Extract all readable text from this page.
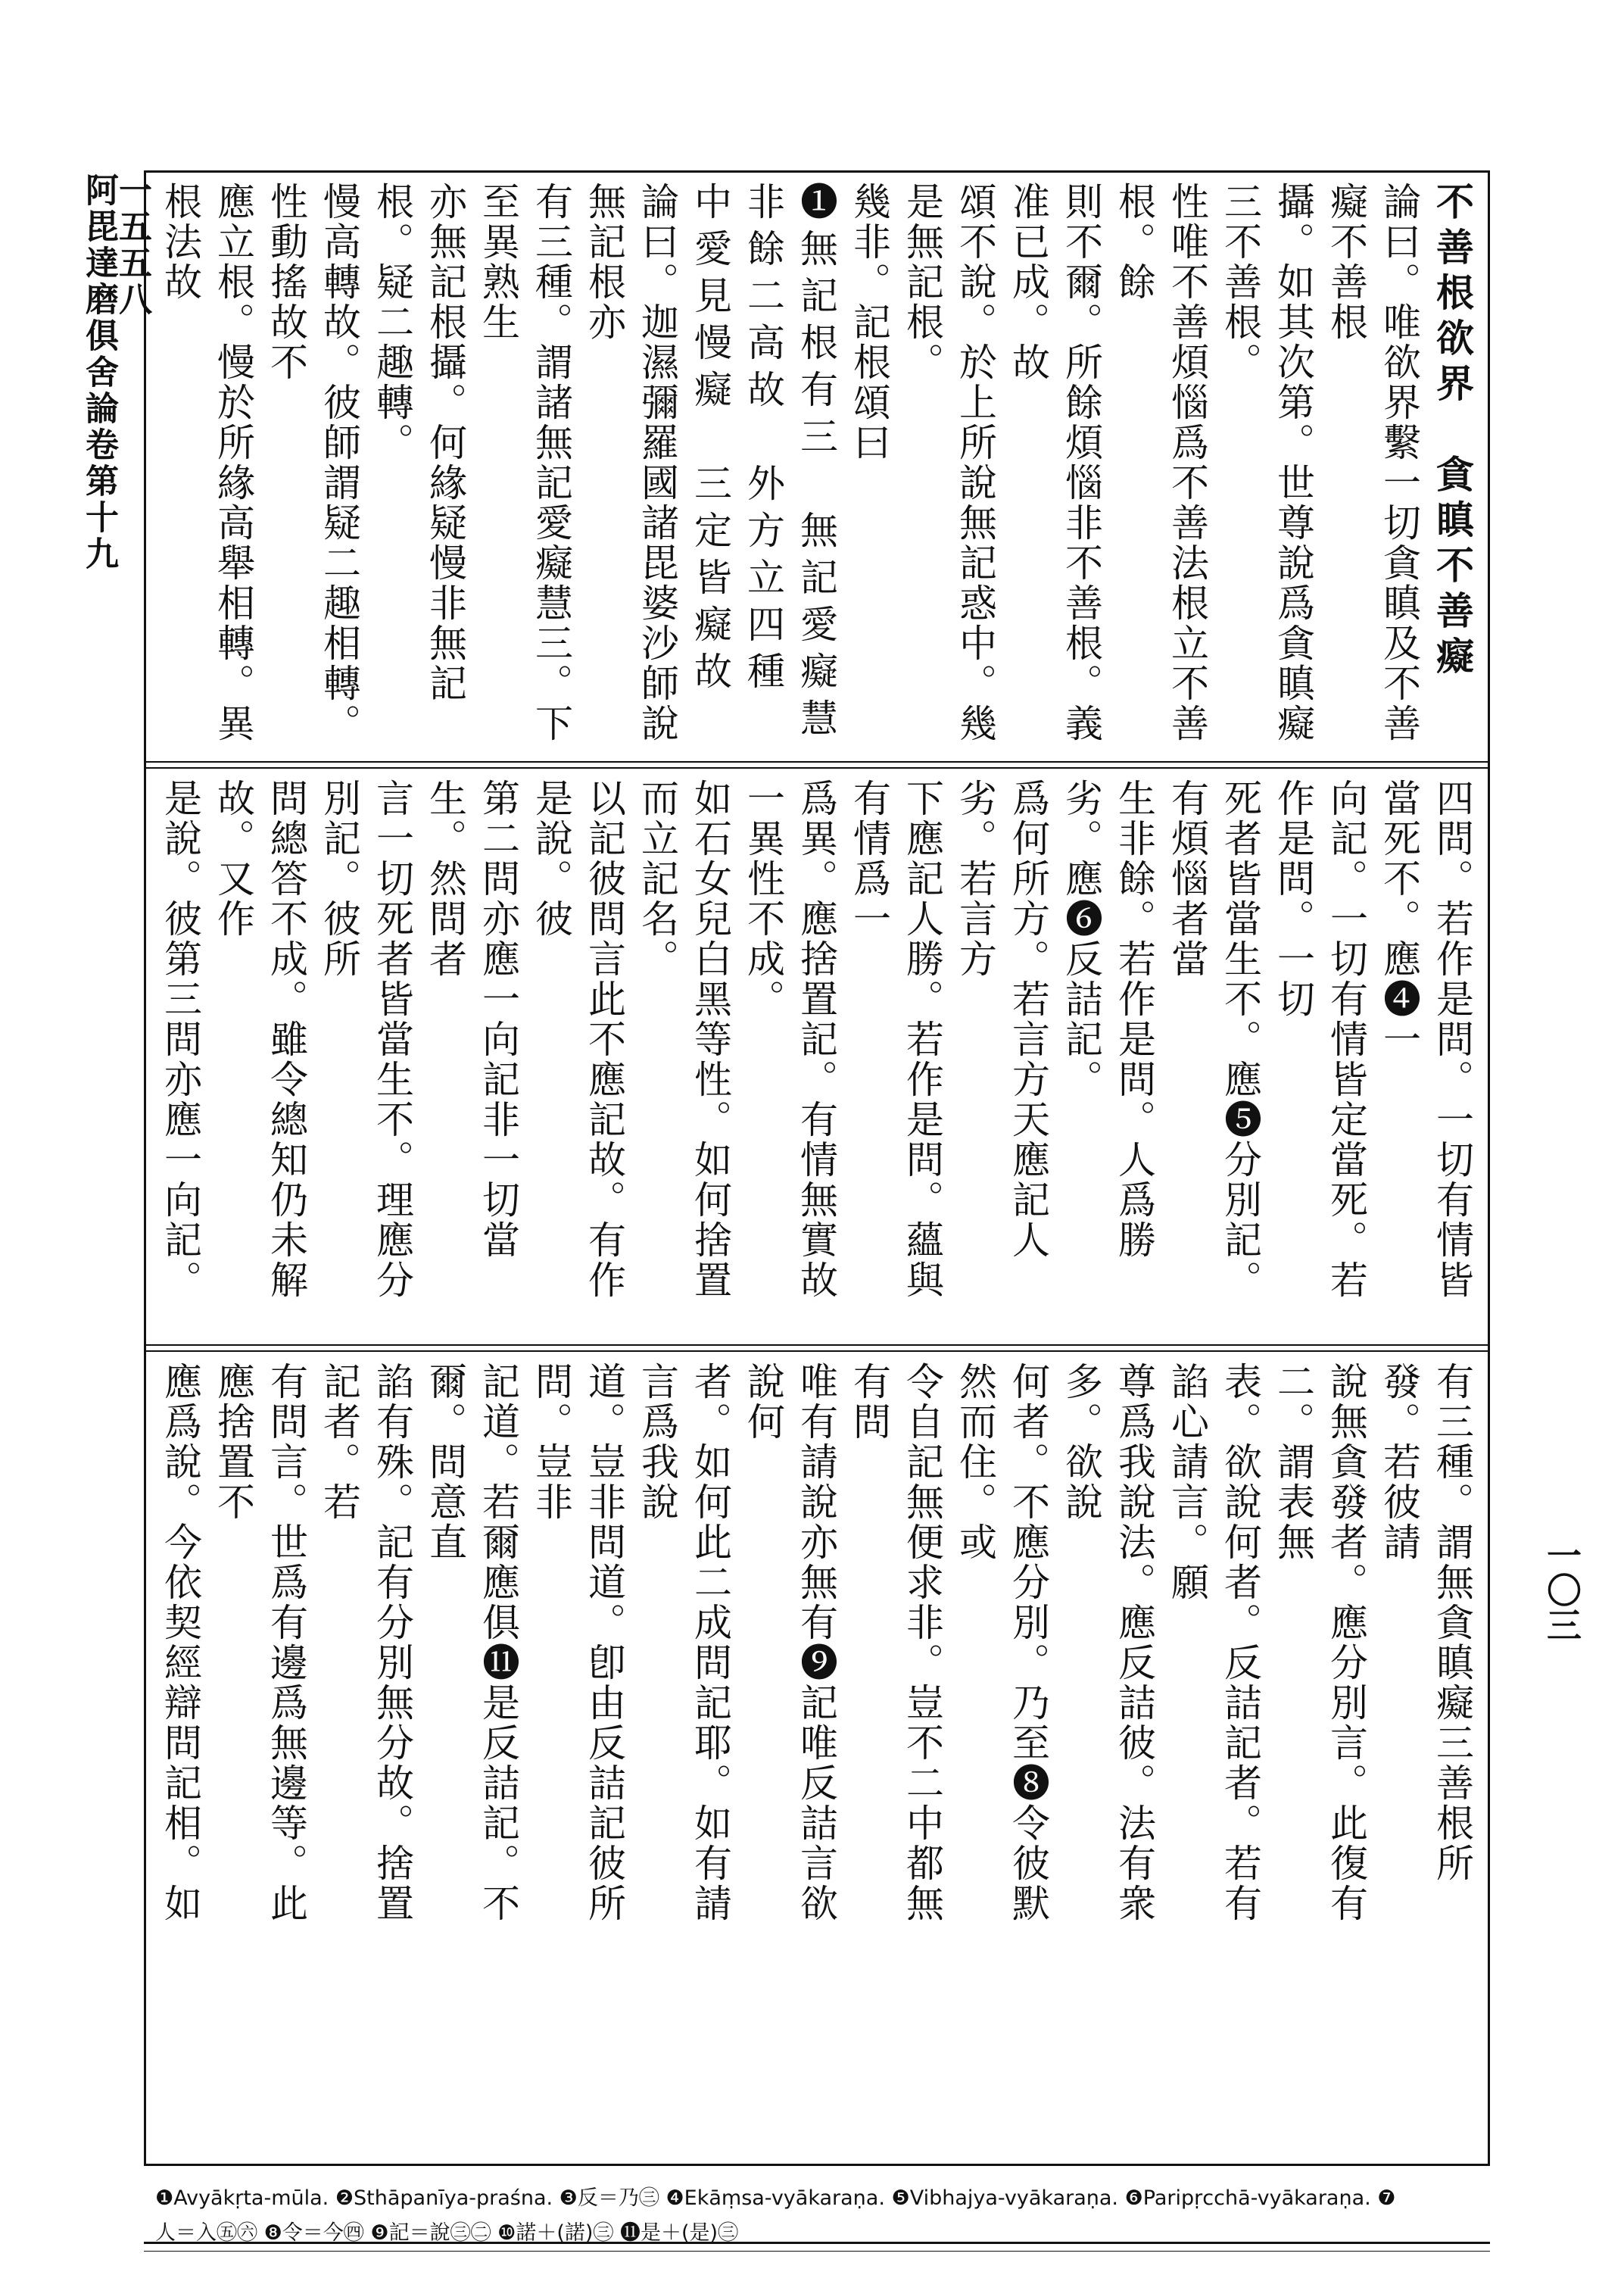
一五五八
阿毘達磨俱舍論卷第十九	不善根欲界　貪瞋不善癡

論曰。唯欲界繫一切貪瞋及不善癡不善根

攝。如其次第。世尊說爲貪瞋癡三不善根。

性唯不善煩惱爲不善法根立不善根。餘

則不爾。所餘煩惱非不善根。義准已成。故

頌不說。於上所說無記惑中。幾是無記根。

幾非。記根頌曰

❶無記根有三　無記愛癡慧

非餘二高故　外方立四種

中愛見慢癡　三定皆癡故

論曰。迦濕彌羅國諸毘婆沙師說無記根亦

有三種。謂諸無記愛癡慧三。下至異熟生

亦無記根攝。何緣疑慢非無記根。疑二趣轉。

慢高轉故。彼師謂疑二趣相轉。性動搖故不

應立根。慢於所緣高舉相轉。異根法故

四問。若作是問。一切有情皆當死不。應❹一

向記。一切有情皆定當死。若作是問。一切

死者皆當生不。應❺分別記。有煩惱者當

生非餘。若作是問。人爲勝劣。應❻反詰記。

爲何所方。若言方天應記人劣。若言方

下應記人勝。若作是問。蘊與有情爲一

爲異。應捨置記。有情無實故一異性不成。

如石女兒白黑等性。如何捨置而立記名。

以記彼問言此不應記故。有作是說。彼

第二問亦應一向記非一切當生。然問者

言一切死者皆當生不。理應分別記。彼所

問總答不成。雖令總知仍未解故。又作

是說。彼第三問亦應一向記。

有三種。謂無貪瞋癡三善根所發。若彼請

說無貪發者。應分別言。此復有二。謂表無

表。欲說何者。反詰記者。若有諂心請言。願

尊爲我說法。應反詰彼。法有衆多。欲說

何者。不應分別。乃至❽令彼默然而住。或

令自記無便求非。豈不二中都無有問

唯有請說亦無有❾記唯反詰言欲說何

者。如何此二成問記耶。如有請言爲我說

道。豈非問道。卽由反詰記彼所問。豈非

記道。若爾應俱⓫是反詰記。不爾。問意直

諂有殊。記有分別無分故。捨置記者。若

有問言。世爲有邊爲無邊等。此應捨置不

應爲說。今依契經辯問記相。如

一〇三
❶Avyākṛta-mūla. ❷Sthāpanīya-praśna. ❸反＝乃㊂ ❹Ekāṃsa-vyākaraṇa. ❺Vibhajya-vyākaraṇa. ❻Paripṛcchā-vyākaraṇa. ❼
人＝入㊄㊅ ❽令＝今㊃ ❾記＝說㊂㊁ ❿諾＋(諾)㊂ ⓫是＋(是)㊂
